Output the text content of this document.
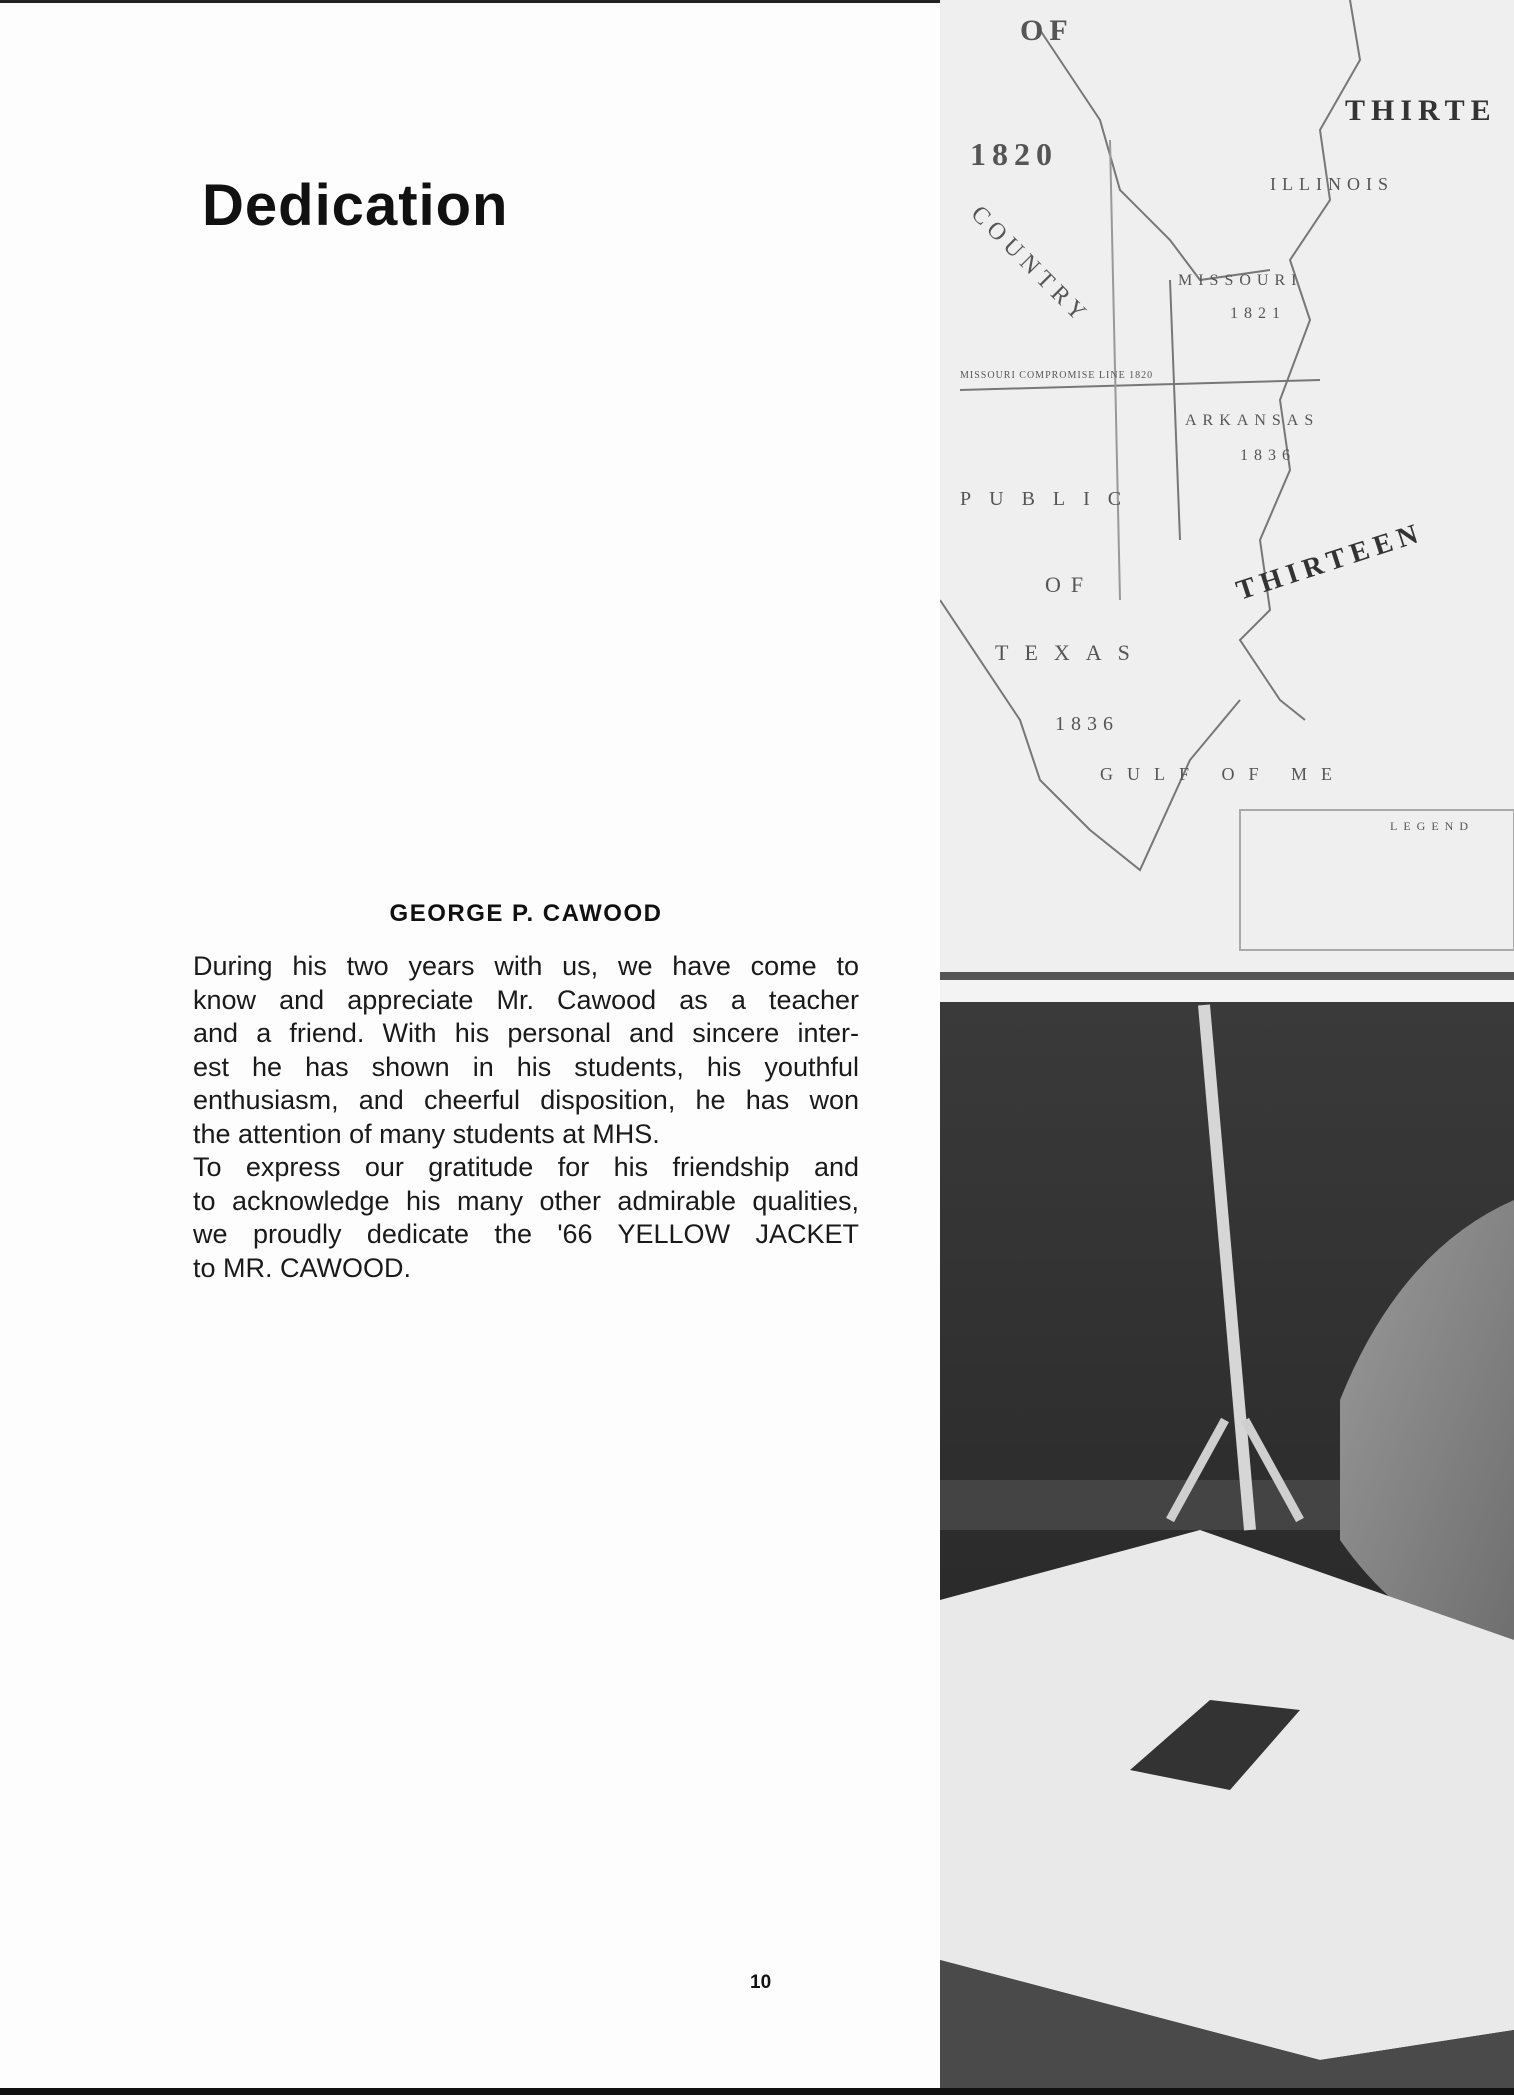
Dedication
GEORGE P. CAWOOD
During his two years with us, we have come to
know and appreciate Mr. Cawood as a teacher
and a friend. With his personal and sincere inter-
est he has shown in his students, his youthful
enthusiasm, and cheerful disposition, he has won
the attention of many students at MHS.
To express our gratitude for his friendship and
to acknowledge his many other admirable qualities,
we proudly dedicate the '66 YELLOW JACKET
to MR. CAWOOD.
10
OF
1820
THIRTE
ILLINOIS
MISSOURI
1821
COUNTRY
MISSOURI COMPROMISE LINE 1820
ARKANSAS
1836
PUBLIC
THIRTEEN
OF
TEXAS
1836
GULF OF ME
LEGEND
